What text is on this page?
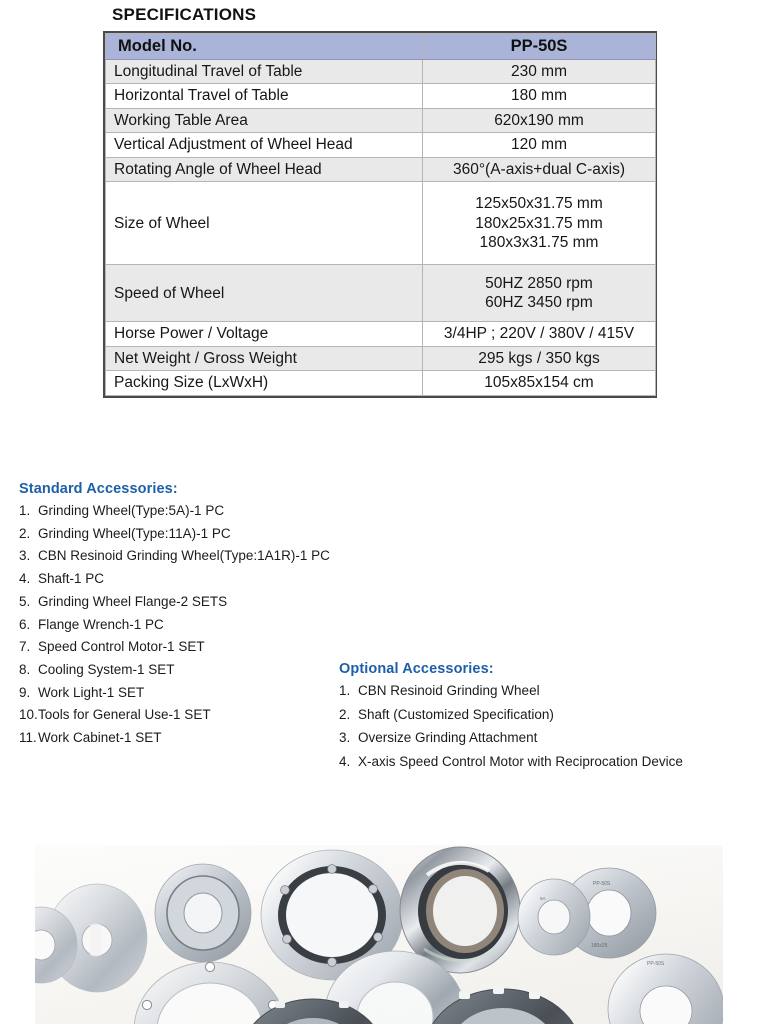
SPECIFICATIONS
Model No.	PP-50S
Longitudinal Travel of Table	230 mm
Horizontal Travel of Table	180 mm
Working Table Area	620x190 mm
Vertical Adjustment of Wheel Head	120 mm
Rotating Angle of Wheel Head	360°(A-axis+dual C-axis)
Size of Wheel	125x50x31.75 mm
180x25x31.75 mm
180x3x31.75 mm
Speed of Wheel	50HZ 2850 rpm
60HZ 3450 rpm
Horse Power / Voltage	3/4HP ; 220V / 380V / 415V
Net Weight / Gross Weight	295 kgs / 350 kgs
Packing Size (LxWxH)	105x85x154 cm
Standard Accessories:
1. Grinding Wheel(Type:5A)-1 PC
2. Grinding Wheel(Type:11A)-1 PC
3. CBN Resinoid Grinding Wheel(Type:1A1R)-1 PC
4. Shaft-1 PC
5. Grinding Wheel Flange-2 SETS
6. Flange Wrench-1 PC
7. Speed Control Motor-1 SET
8. Cooling System-1 SET
9. Work Light-1 SET
10.Tools for General Use-1 SET
11.Work Cabinet-1 SET
Optional Accessories:
1. CBN Resinoid Grinding Wheel
2. Shaft (Customized Specification)
3. Oversize Grinding Attachment
4. X-axis Speed Control Motor with Reciprocation Device
PP-50S
180x25
5A
PP-50S
